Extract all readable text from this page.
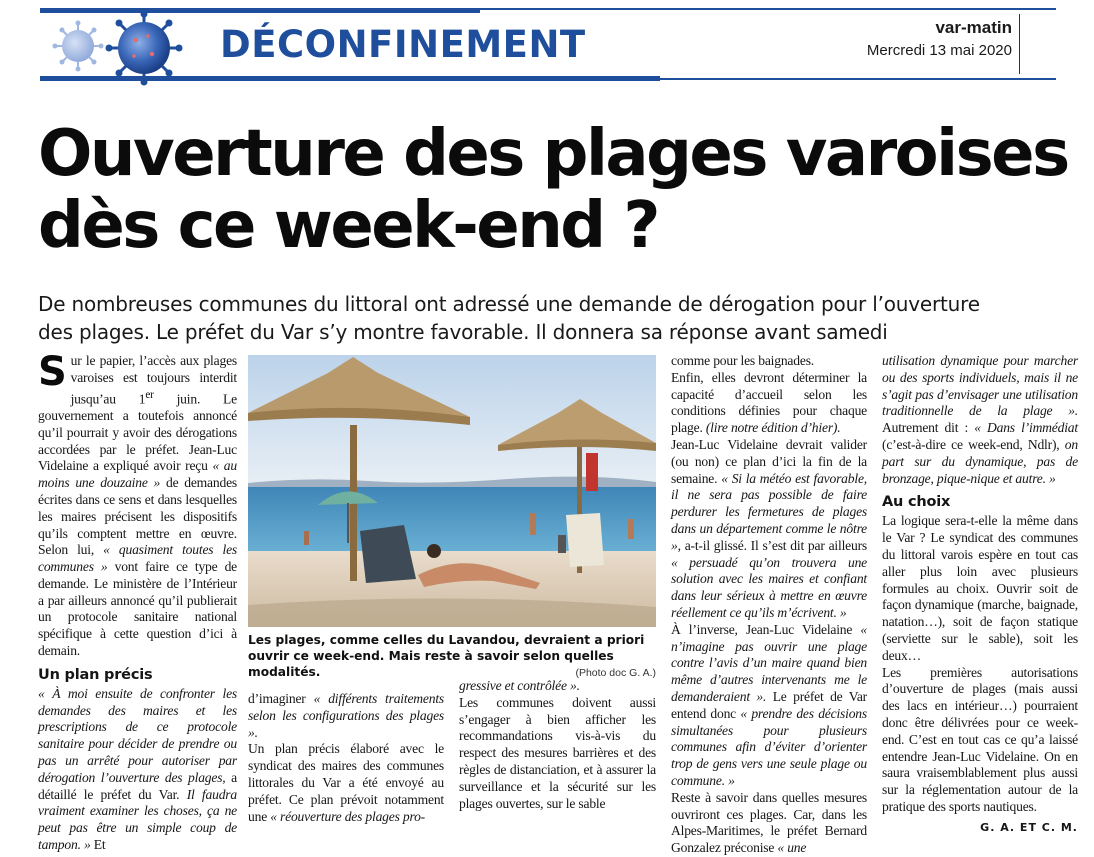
DÉCONFINEMENT	var-matin
Mercredi 13 mai 2020
Ouverture des plages varoises
dès ce week-end ?

De nombreuses communes du littoral ont adressé une demande de dérogation pour l’ouverture
des plages. Le préfet du Var s’y montre favorable. Il donnera sa réponse avant samedi

Sur le papier, l’accès aux plages varoises est toujours interdit jusqu’au 1er juin. Le gouvernement a toutefois annoncé qu’il pourrait y avoir des dérogations accordées par le préfet. Jean-Luc Videlaine a expliqué avoir reçu « au moins une douzaine » de demandes écrites dans ce sens et dans lesquelles les maires précisent les dispositifs qu’ils comptent mettre en œuvre. Selon lui, « quasiment toutes les communes » vont faire ce type de demande. Le ministère de l’Intérieur a par ailleurs annoncé qu’il publierait un protocole sanitaire national spécifique à cette question d’ici à demain.

Un plan précis

« À moi ensuite de confronter les demandes des maires et les prescriptions de ce protocole sanitaire pour décider de prendre ou pas un arrêté pour autoriser par dérogation l’ouverture des plages, a détaillé le préfet du Var. Il faudra vraiment examiner les choses, ça ne peut pas être un simple coup de tampon. » Et

Les plages, comme celles du Lavandou, devraient a priori ouvrir ce week-end. Mais reste à savoir selon quelles modalités.	(Photo doc G. A.)

d’imaginer « différents traitements selon les configurations des plages ».

Un plan précis élaboré avec le syndicat des maires des communes littorales du Var a été envoyé au préfet. Ce plan prévoit notamment une « réouverture des plages pro-

gressive et contrôlée ».

Les communes doivent aussi s’engager à bien afficher les recommandations vis-à-vis du respect des mesures barrières et des règles de distanciation, et à assurer la surveillance et la sécurité sur les plages ouvertes, sur le sable

comme pour les baignades.

Enfin, elles devront déterminer la capacité d’accueil selon les conditions définies pour chaque plage. (lire notre édition d’hier).

Jean-Luc Videlaine devrait valider (ou non) ce plan d’ici la fin de la semaine. « Si la météo est favorable, il ne sera pas possible de faire perdurer les fermetures de plages dans un département comme le nôtre », a-t-il glissé. Il s’est dit par ailleurs « persuadé qu’on trouvera une solution avec les maires et confiant dans leur sérieux à mettre en œuvre réellement ce qu’ils m’écrivent. »

À l’inverse, Jean-Luc Videlaine « n’imagine pas ouvrir une plage contre l’avis d’un maire quand bien même d’autres intervenants me le demanderaient ». Le préfet de Var entend donc « prendre des décisions simultanées pour plusieurs communes afin d’éviter d’orienter trop de gens vers une seule plage ou commune. »

Reste à savoir dans quelles mesures ouvriront ces plages. Car, dans les Alpes-Maritimes, le préfet Bernard Gonzalez préconise « une

utilisation dynamique pour marcher ou des sports individuels, mais il ne s’agit pas d’envisager une utilisation traditionnelle de la plage ». Autrement dit : « Dans l’immédiat (c’est-à-dire ce week-end, Ndlr), on part sur du dynamique, pas de bronzage, pique-nique et autre. »

Au choix

La logique sera-t-elle la même dans le Var ? Le syndicat des communes du littoral varois espère en tout cas aller plus loin avec plusieurs formules au choix. Ouvrir soit de façon dynamique (marche, baignade, natation…), soit de façon statique (serviette sur le sable), soit les deux…

Les premières autorisations d’ouverture de plages (mais aussi des lacs en intérieur…) pourraient donc être délivrées pour ce week-end. C’est en tout cas ce qu’a laissé entendre Jean-Luc Videlaine. On en saura vraisemblablement plus aussi sur la réglementation autour de la pratique des sports nautiques.

G. A. ET C. M.
